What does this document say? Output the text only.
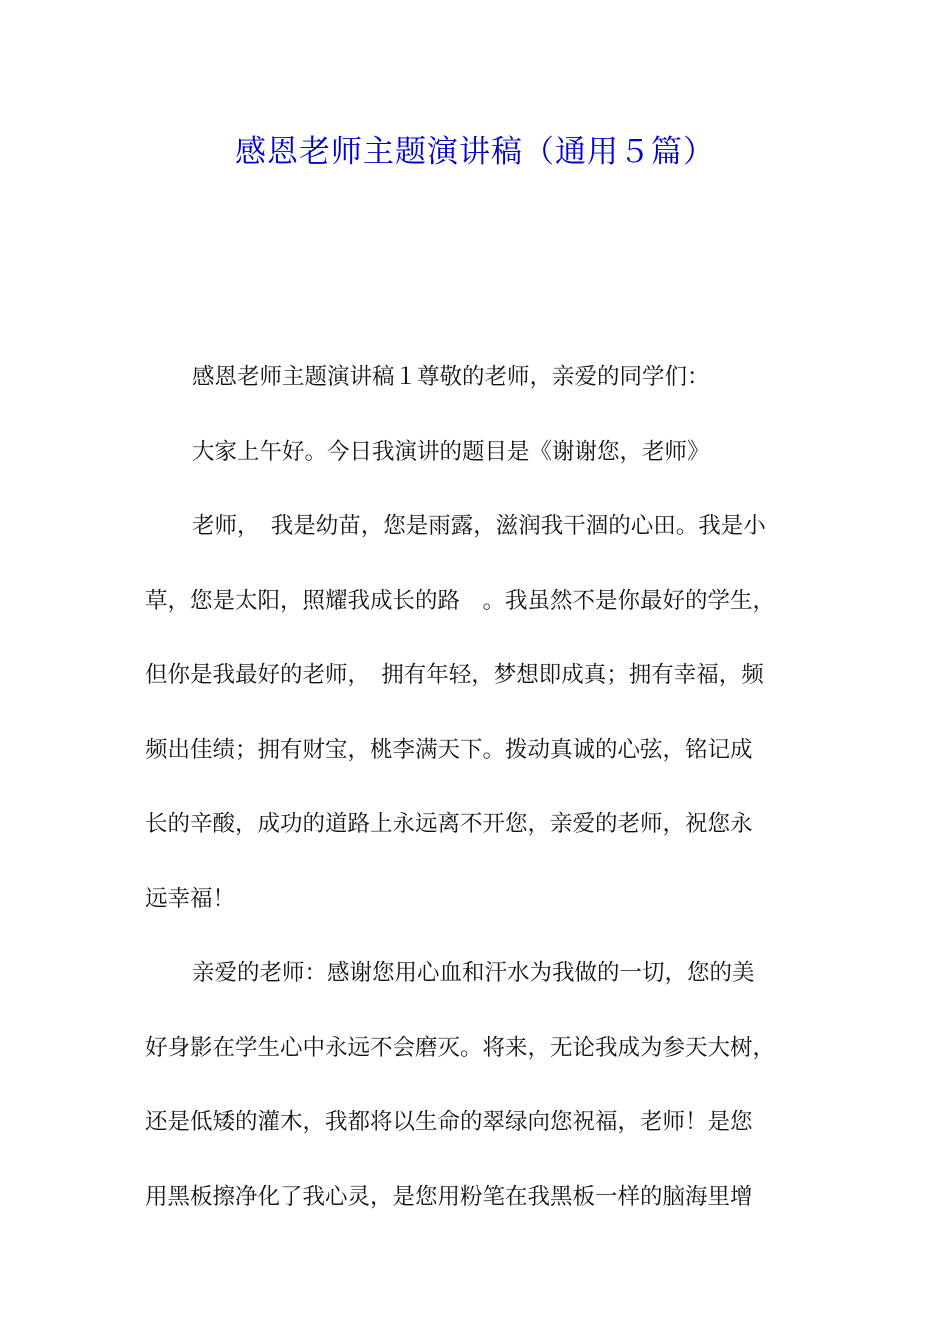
感恩老师主题演讲稿（通用５篇）

感恩老师主题演讲稿１尊敬的老师，亲爱的同学们：

大家上午好。今日我演讲的题目是《谢谢您，老师》

老师，　我是幼苗，您是雨露，滋润我干涸的心田。我是小
草，您是太阳，照耀我成长的路　。我虽然不是你最好的学生，
但你是我最好的老师，　拥有年轻，梦想即成真；拥有幸福，频
频出佳绩；拥有财宝，桃李满天下。拨动真诚的心弦，铭记成
长的辛酸，成功的道路上永远离不开您，亲爱的老师，祝您永
远幸福！

亲爱的老师：感谢您用心血和汗水为我做的一切，您的美
好身影在学生心中永远不会磨灭。将来，无论我成为参天大树，
还是低矮的灌木，我都将以生命的翠绿向您祝福，老师！是您
用黑板擦净化了我心灵，是您用粉笔在我黑板一样的脑海里增
